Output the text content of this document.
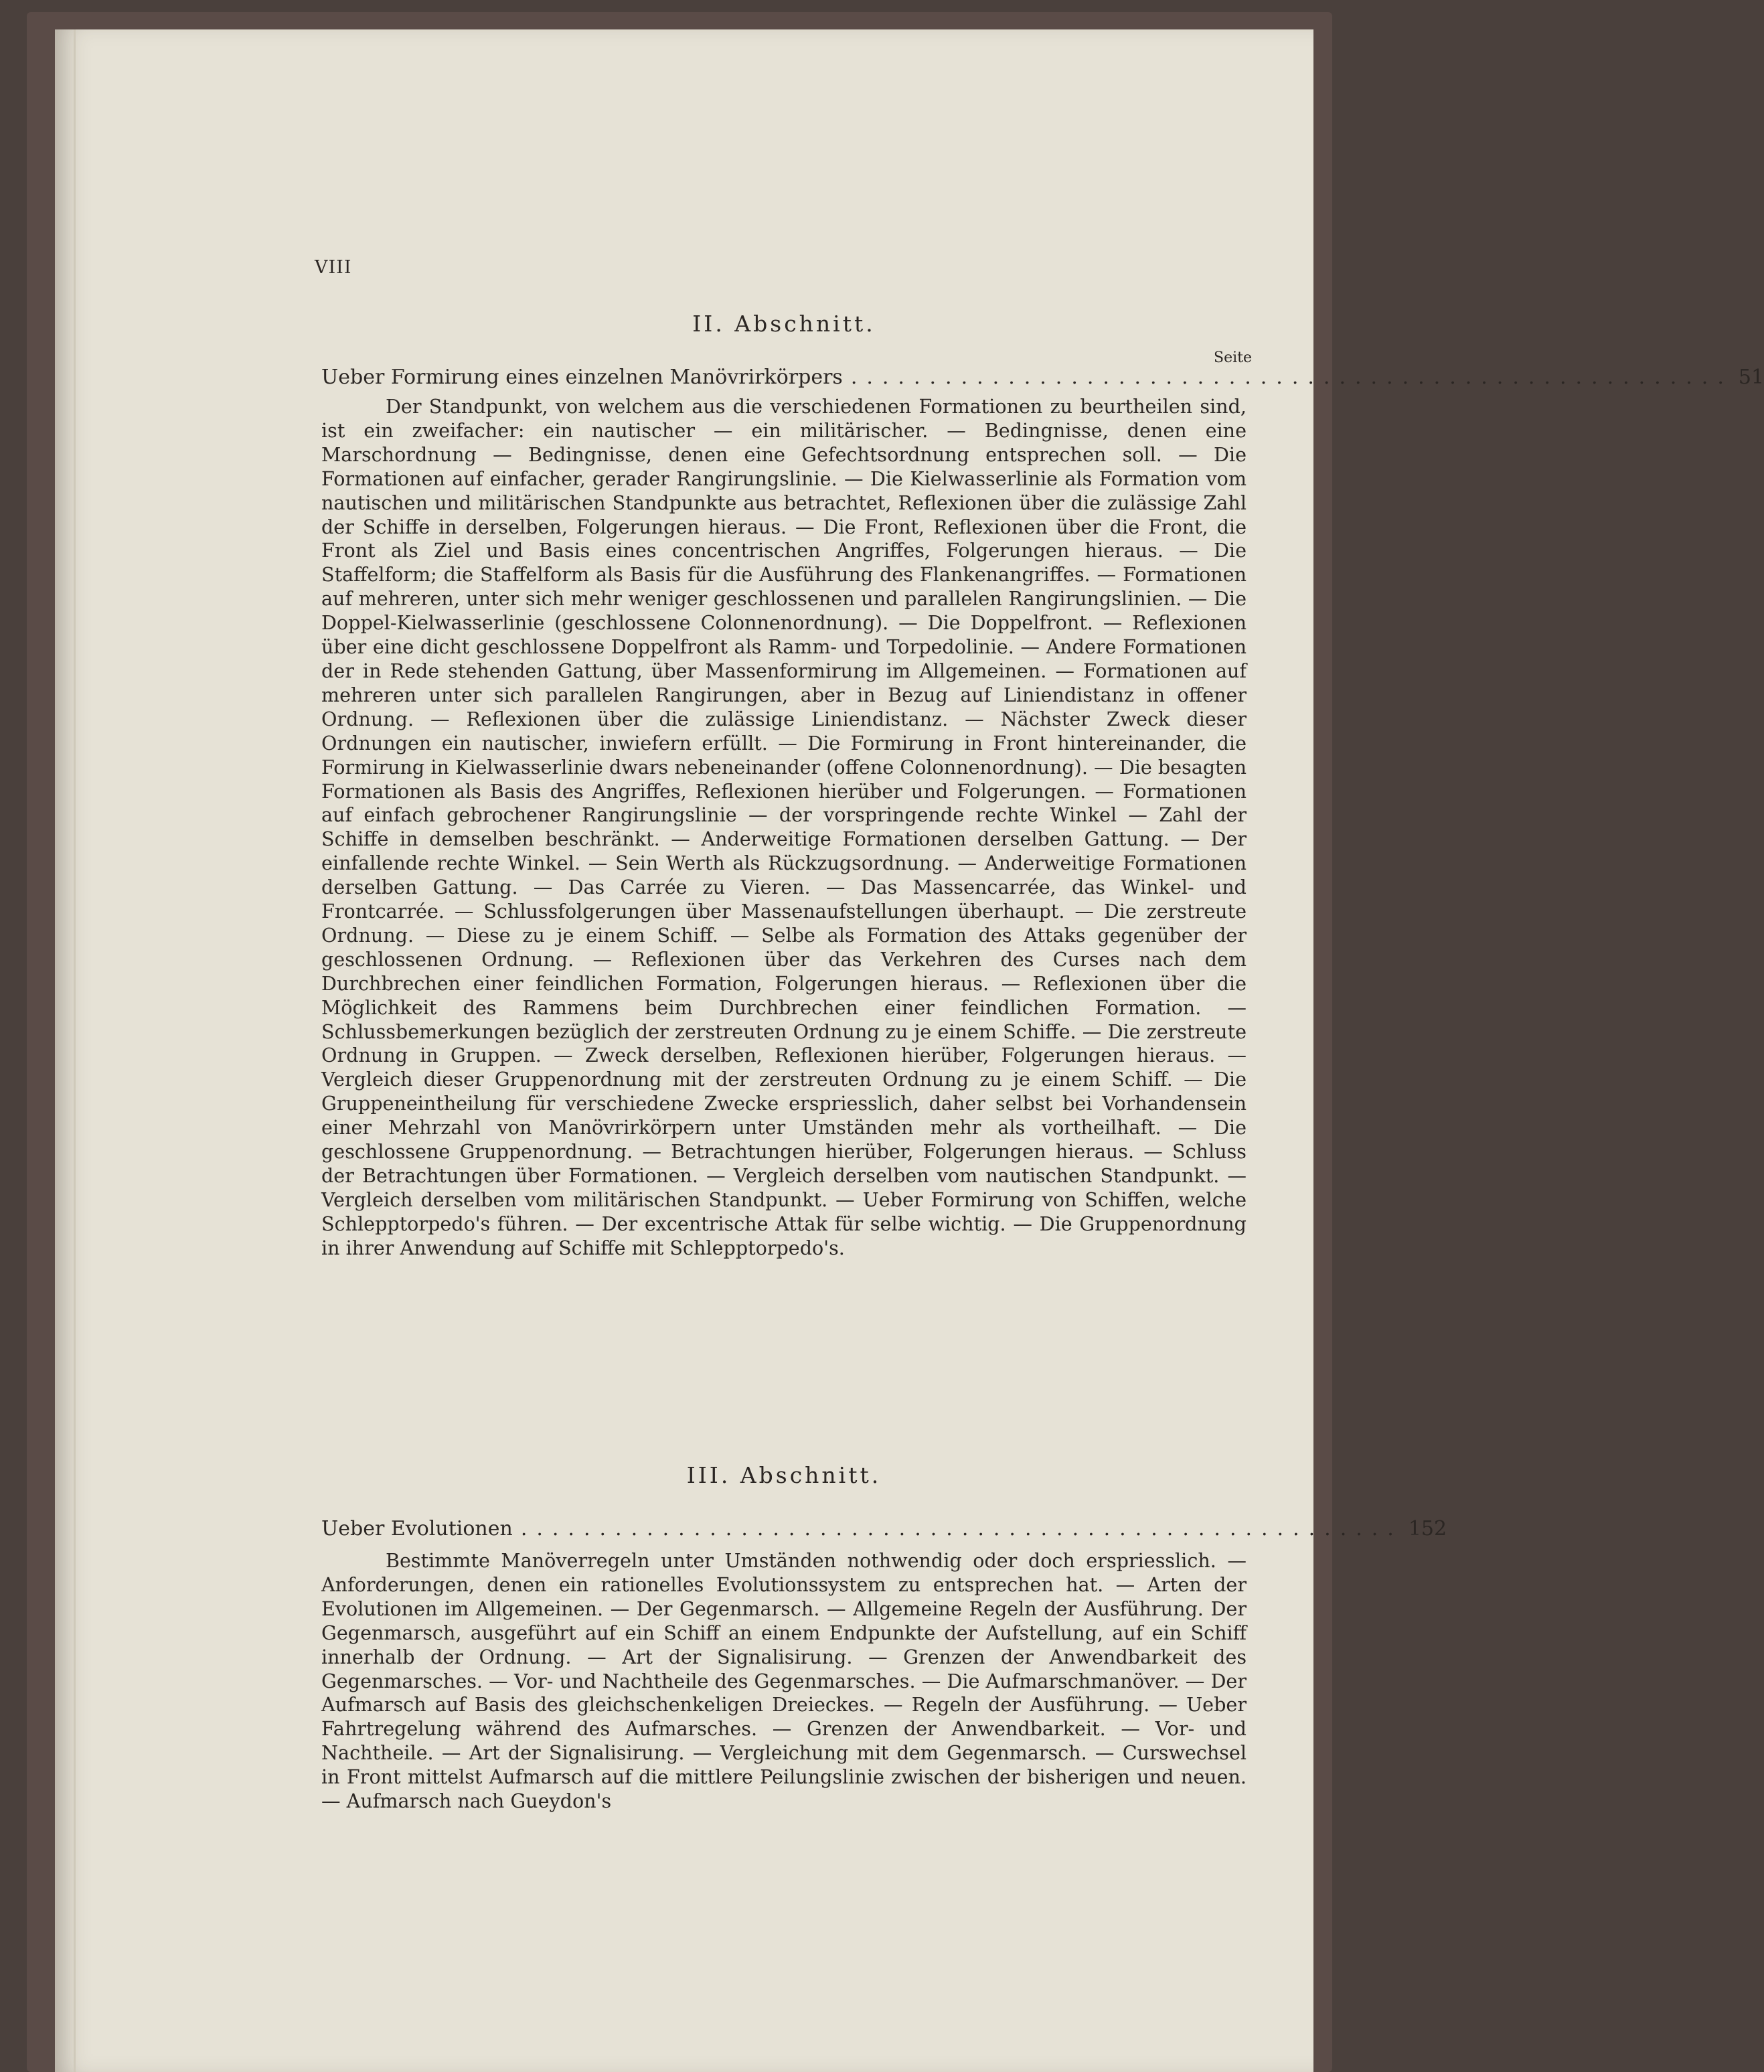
VIII
II. Abschnitt.
Seite
Ueber Formirung eines einzelnen Manövrirkörpers ........................................................ 51

Der Standpunkt, von welchem aus die verschiedenen Formationen zu beurtheilen sind, ist ein zweifacher: ein nautischer — ein militärischer. — Bedingnisse, denen eine Marschordnung — Bedingnisse, denen eine Gefechtsordnung entsprechen soll. — Die Formationen auf einfacher, gerader Rangirungslinie. — Die Kielwasserlinie als Formation vom nautischen und militärischen Standpunkte aus betrachtet, Reflexionen über die zulässige Zahl der Schiffe in derselben, Folgerungen hieraus. — Die Front, Reflexionen über die Front, die Front als Ziel und Basis eines concentrischen Angriffes, Folgerungen hieraus. — Die Staffelform; die Staffelform als Basis für die Ausführung des Flankenangriffes. — Formationen auf mehreren, unter sich mehr weniger geschlossenen und parallelen Rangirungslinien. — Die Doppel-Kielwasserlinie (geschlossene Colonnenordnung). — Die Doppelfront. — Reflexionen über eine dicht geschlossene Doppelfront als Ramm- und Torpedolinie. — Andere Formationen der in Rede stehenden Gattung, über Massenformirung im Allgemeinen. — Formationen auf mehreren unter sich parallelen Rangirungen, aber in Bezug auf Liniendistanz in offener Ordnung. — Reflexionen über die zulässige Liniendistanz. — Nächster Zweck dieser Ordnungen ein nautischer, inwiefern erfüllt. — Die Formirung in Front hintereinander, die Formirung in Kielwasserlinie dwars nebeneinander (offene Colonnenordnung). — Die besagten Formationen als Basis des Angriffes, Reflexionen hierüber und Folgerungen. — Formationen auf einfach gebrochener Rangirungslinie — der vorspringende rechte Winkel — Zahl der Schiffe in demselben beschränkt. — Anderweitige Formationen derselben Gattung. — Der einfallende rechte Winkel. — Sein Werth als Rückzugsordnung. — Anderweitige Formationen derselben Gattung. — Das Carrée zu Vieren. — Das Massencarrée, das Winkel- und Frontcarrée. — Schlussfolgerungen über Massenaufstellungen überhaupt. — Die zerstreute Ordnung. — Diese zu je einem Schiff. — Selbe als Formation des Attaks gegenüber der geschlossenen Ordnung. — Reflexionen über das Verkehren des Curses nach dem Durchbrechen einer feindlichen Formation, Folgerungen hieraus. — Reflexionen über die Möglichkeit des Rammens beim Durchbrechen einer feindlichen Formation. — Schlussbemerkungen bezüglich der zerstreuten Ordnung zu je einem Schiffe. — Die zerstreute Ordnung in Gruppen. — Zweck derselben, Reflexionen hierüber, Folgerungen hieraus. — Vergleich dieser Gruppenordnung mit der zerstreuten Ordnung zu je einem Schiff. — Die Gruppeneintheilung für verschiedene Zwecke erspriesslich, daher selbst bei Vorhandensein einer Mehrzahl von Manövrirkörpern unter Umständen mehr als vortheilhaft. — Die geschlossene Gruppenordnung. — Betrachtungen hierüber, Folgerungen hieraus. — Schluss der Betrachtungen über Formationen. — Vergleich derselben vom nautischen Standpunkt. — Vergleich derselben vom militärischen Standpunkt. — Ueber Formirung von Schiffen, welche Schlepptorpedo's führen. — Der excentrische Attak für selbe wichtig. — Die Gruppenordnung in ihrer Anwendung auf Schiffe mit Schlepptorpedo's.

III. Abschnitt.
Ueber Evolutionen ........................................................ 152

Bestimmte Manöverregeln unter Umständen nothwendig oder doch erspriesslich. — Anforderungen, denen ein rationelles Evolutionssystem zu entsprechen hat. — Arten der Evolutionen im Allgemeinen. — Der Gegenmarsch. — Allgemeine Regeln der Ausführung. Der Gegenmarsch, ausgeführt auf ein Schiff an einem Endpunkte der Aufstellung, auf ein Schiff innerhalb der Ordnung. — Art der Signalisirung. — Grenzen der Anwendbarkeit des Gegenmarsches. — Vor- und Nachtheile des Gegenmarsches. — Die Aufmarschmanöver. — Der Aufmarsch auf Basis des gleichschenkeligen Dreieckes. — Regeln der Ausführung. — Ueber Fahrtregelung während des Aufmarsches. — Grenzen der Anwendbarkeit. — Vor- und Nachtheile. — Art der Signalisirung. — Vergleichung mit dem Gegenmarsch. — Curswechsel in Front mittelst Aufmarsch auf die mittlere Peilungslinie zwischen der bisherigen und neuen. — Aufmarsch nach Gueydon's
